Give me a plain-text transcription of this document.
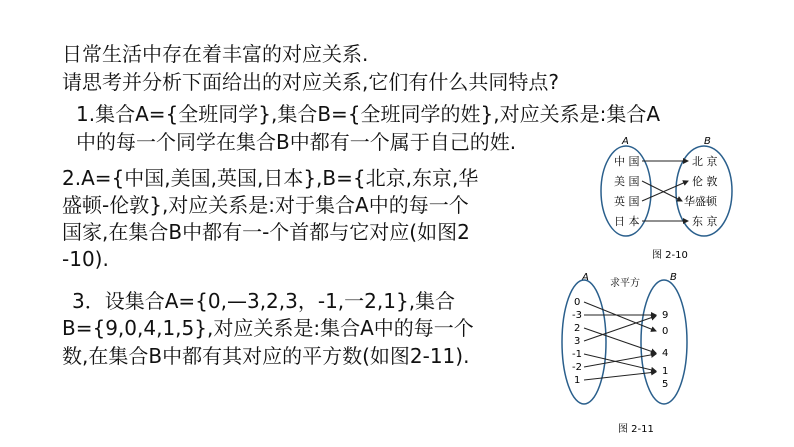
日常生活中存在着丰富的对应关系.
请思考并分析下面给出的对应关系,它们有什么共同特点?
1.集合A={全班同学},集合B={全班同学的姓},对应关系是:集合A
中的每一个同学在集合B中都有一个属于自己的姓.
2.A={中国,美国,英国,日本},B={北京,东京,华
盛顿-伦敦},对应关系是:对于集合A中的每一个
国家,在集合B中都有一-个首都与它对应(如图2
-10).
3．设集合A={0,—3,2,3，-1,一2,1},集合
B={9,0,4,1,5},对应关系是:集合A中的每一个
数,在集合B中都有其对应的平方数(如图2-11).
A	B
中 国
美 国
英 国
日 本
北 京
伦 敦
华盛顿
东 京
图 2-10
A	B
求平方
0
-3
2
3
-1
-2
1
9
0
4
1
5
图 2-11
